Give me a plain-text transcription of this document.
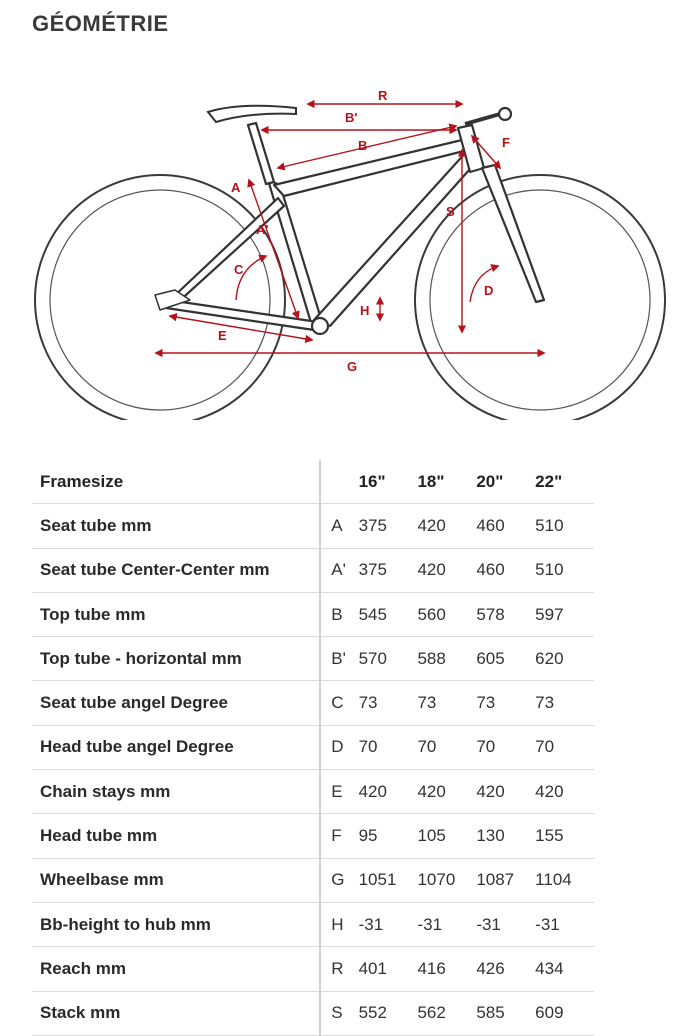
GÉOMÉTRIE
R
B'
B	F
A
A'
S
C
D
H
E
G
Framesize		16"	18"	20"	22"
Seat tube mm	A	375	420	460	510
Seat tube Center-Center mm	A'	375	420	460	510
Top tube mm	B	545	560	578	597
Top tube - horizontal mm	B'	570	588	605	620
Seat tube angel Degree	C	73	73	73	73
Head tube angel Degree	D	70	70	70	70
Chain stays mm	E	420	420	420	420
Head tube mm	F	95	105	130	155
Wheelbase mm	G	1051	1070	1087	1104
Bb-height to hub mm	H	-31	-31	-31	-31
Reach mm	R	401	416	426	434
Stack mm	S	552	562	585	609
